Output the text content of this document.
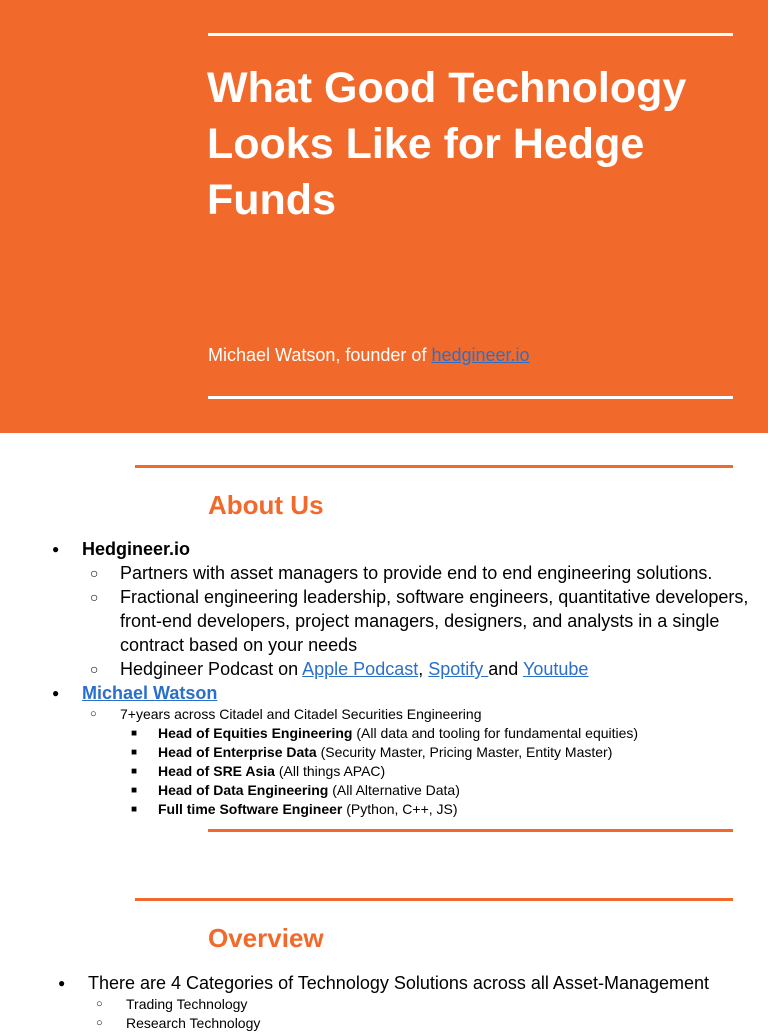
What Good Technology Looks Like for Hedge Funds
Michael Watson, founder of hedgineer.io
About Us
● Hedgineer.io
○ Partners with asset managers to provide end to end engineering solutions.
○ Fractional engineering leadership, software engineers, quantitative developers, front-end developers, project managers, designers, and analysts in a single contract based on your needs
○ Hedgineer Podcast on Apple Podcast, Spotify and Youtube
● Michael Watson
○ 7+years across Citadel and Citadel Securities Engineering
■ Head of Equities Engineering (All data and tooling for fundamental equities)
■ Head of Enterprise Data (Security Master, Pricing Master, Entity Master)
■ Head of SRE Asia (All things APAC)
■ Head of Data Engineering (All Alternative Data)
■ Full time Software Engineer (Python, C++, JS)
Overview
● There are 4 Categories of Technology Solutions across all Asset-Management
○ Trading Technology
○ Research Technology
